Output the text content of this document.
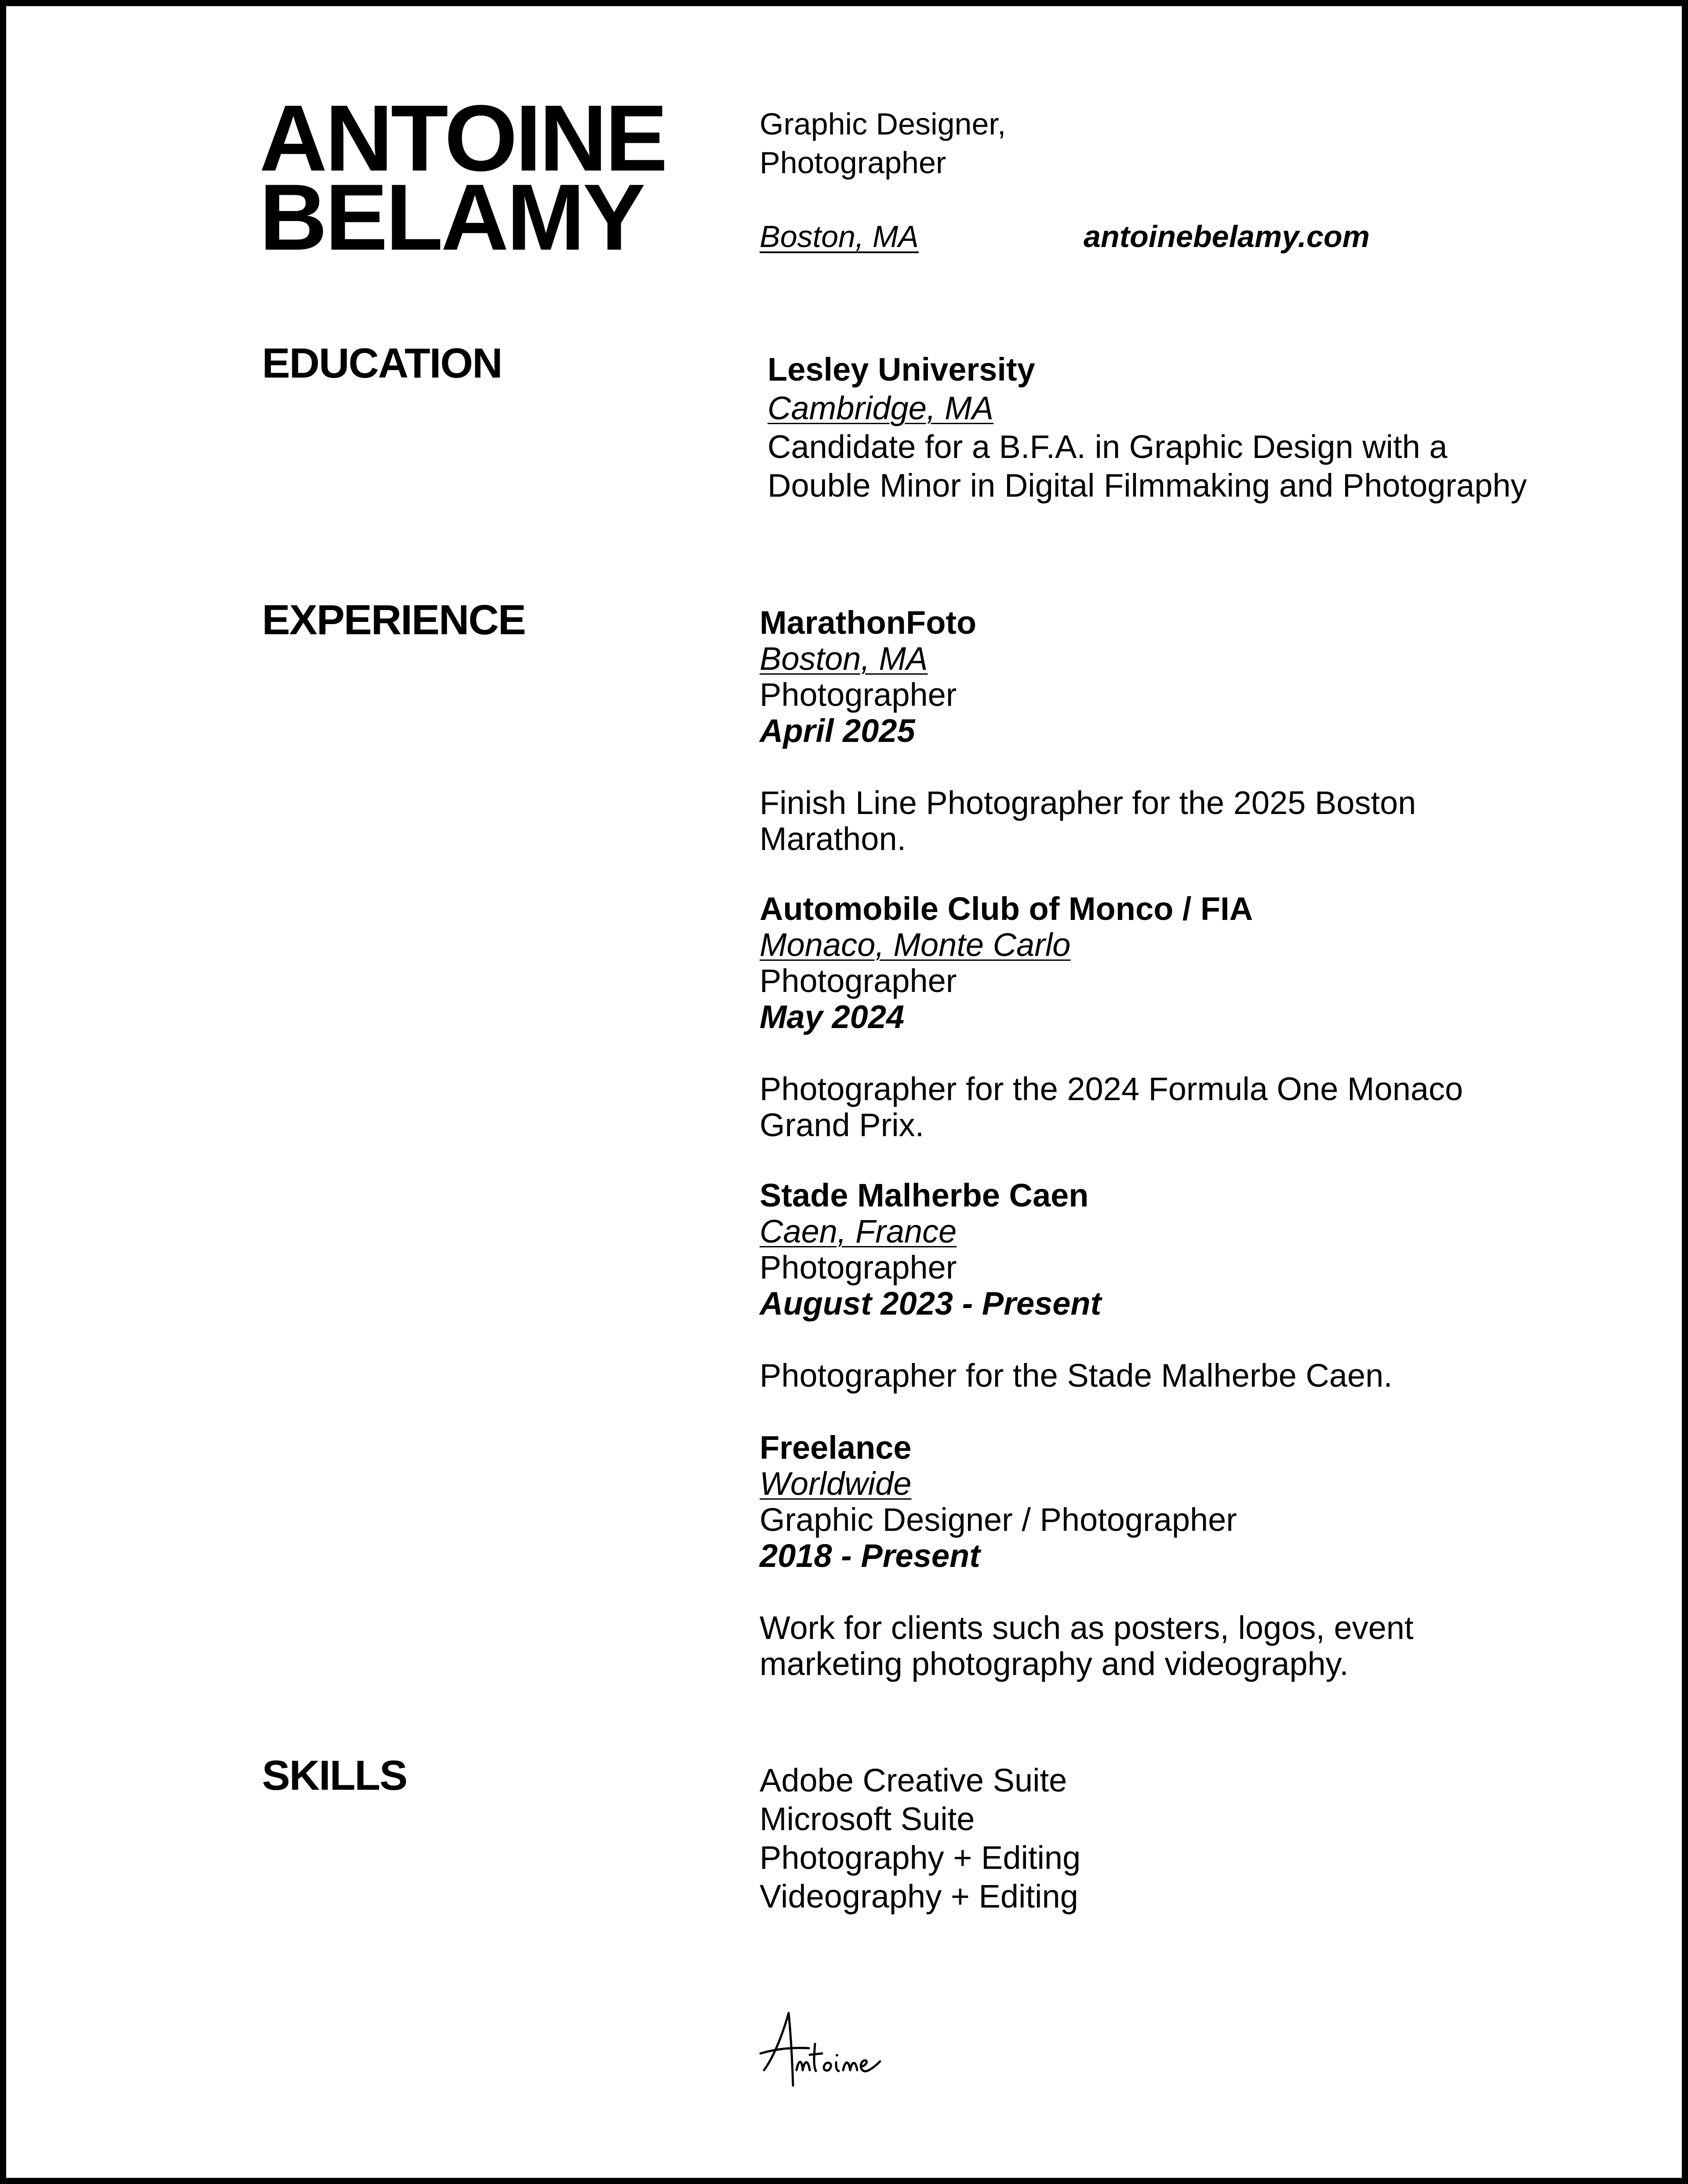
ANTOINE
BELAMY
Graphic Designer,
Photographer
Boston, MA	antoinebelamy.com
EDUCATION
EXPERIENCE
SKILLS
Lesley University
Cambridge, MA
Candidate for a B.F.A. in Graphic Design with a
Double Minor in Digital Filmmaking and Photography
MarathonFoto
Boston, MA
Photographer
April 2025
Finish Line Photographer for the 2025 Boston
Marathon.
Automobile Club of Monco / FIA
Monaco, Monte Carlo
Photographer
May 2024
Photographer for the 2024 Formula One Monaco
Grand Prix.
Stade Malherbe Caen
Caen, France
Photographer
August 2023 - Present
Photographer for the Stade Malherbe Caen.
Freelance
Worldwide
Graphic Designer / Photographer
2018 - Present
Work for clients such as posters, logos, event
marketing photography and videography.
Adobe Creative Suite
Microsoft Suite
Photography + Editing
Videography + Editing
